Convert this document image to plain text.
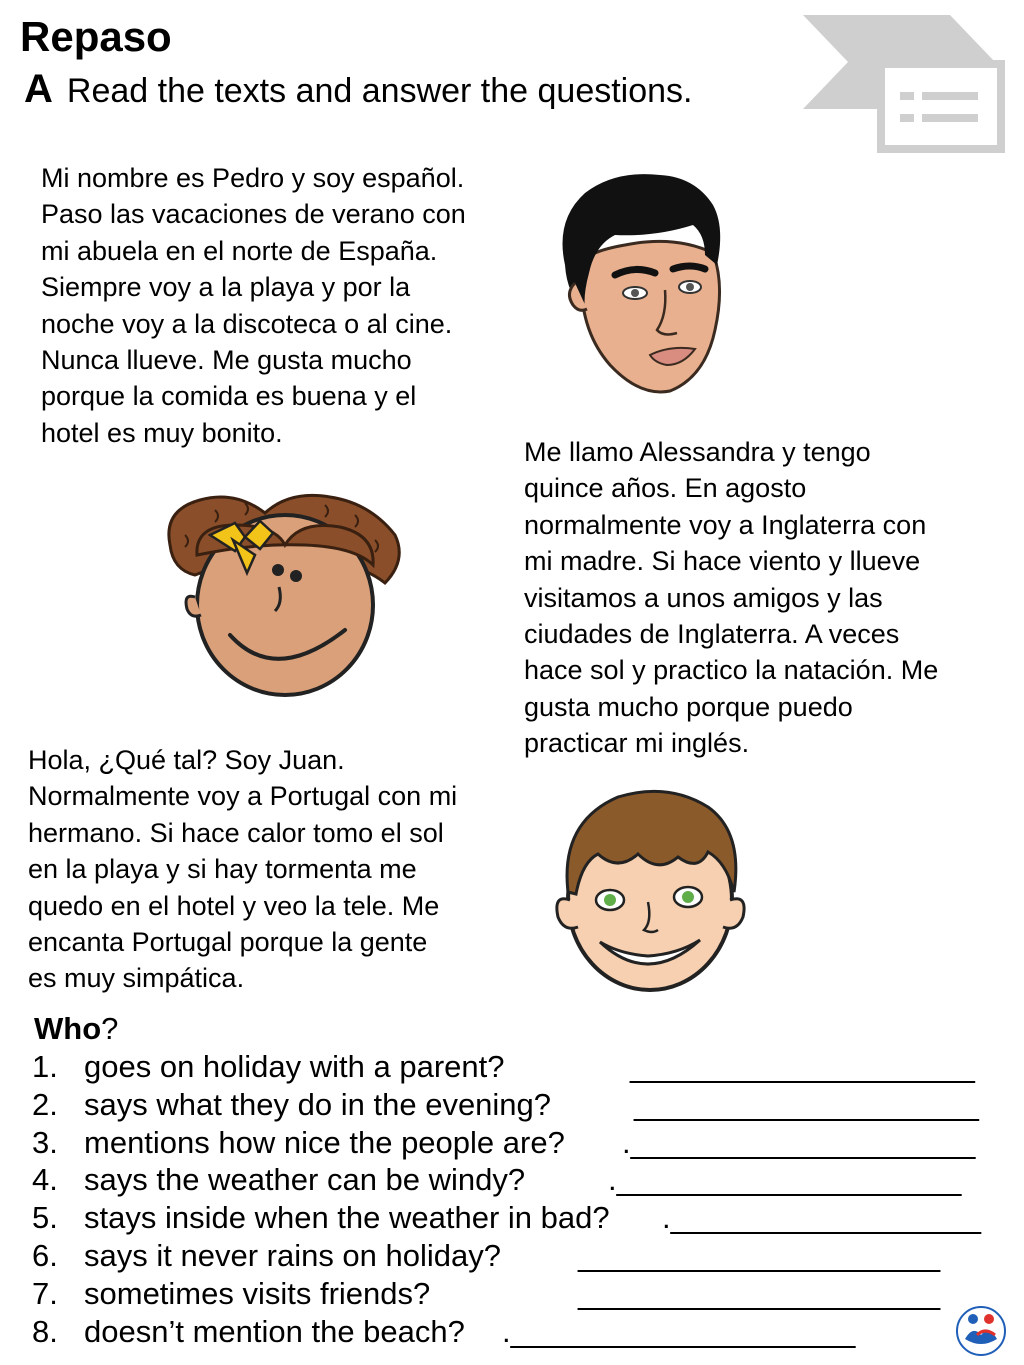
Repaso
A Read the texts and answer the questions.
Mi nombre es Pedro y soy español.
Paso las vacaciones de verano con
mi abuela en el norte de España.
Siempre voy a la playa y por la
noche voy a la discoteca o al cine.
Nunca llueve. Me gusta mucho
porque la comida es buena y el
hotel es muy bonito.
Me llamo Alessandra y tengo
quince años. En agosto
normalmente voy a Inglaterra con
mi madre. Si hace viento y llueve
visitamos a unos amigos y las
ciudades de Inglaterra. A veces
hace sol y practico la natación. Me
gusta mucho porque puedo
practicar mi inglés.
Hola, ¿Qué tal? Soy Juan.
Normalmente voy a Portugal con mi
hermano. Si hace calor tomo el sol
en la playa y si hay tormenta me
quedo en el hotel y veo la tele. Me
encanta Portugal porque la gente
es muy simpática.
Who?
1. goes on holiday with a parent?	____________________
2. says what they do in the evening?	____________________
3. mentions how nice the people are? .____________________
4. says the weather can be windy?	.____________________
5. stays inside when the weather in bad? .__________________
6. says it never rains on holiday? _____________________
7. sometimes visits friends?	_____________________
8. doesn’t mention the beach? .____________________
